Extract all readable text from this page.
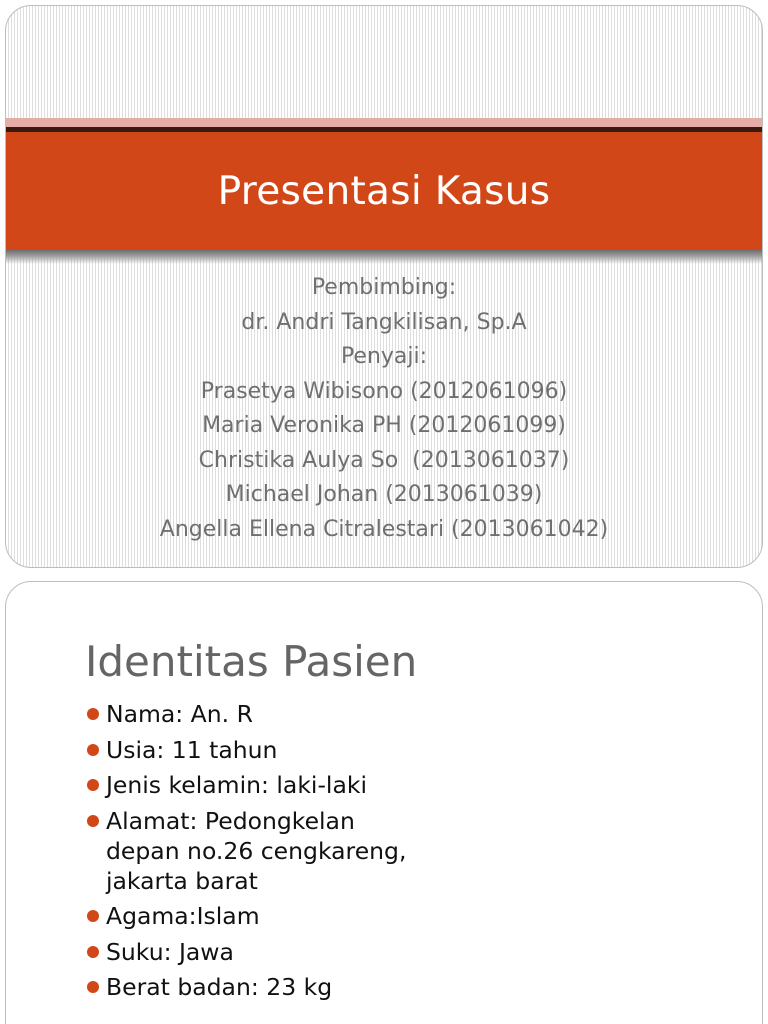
Presentasi Kasus
Pembimbing:
dr. Andri Tangkilisan, Sp.A
Penyaji:
Prasetya Wibisono (2012061096)
Maria Veronika PH (2012061099)
Christika Aulya So  (2013061037)
Michael Johan (2013061039)
Angella Ellena Citralestari (2013061042)
Identitas Pasien
Nama: An. R
Usia: 11 tahun
Jenis kelamin: laki-laki
Alamat: Pedongkelan depan no.26 cengkareng, jakarta barat
Agama:Islam
Suku: Jawa
Berat badan: 23 kg
